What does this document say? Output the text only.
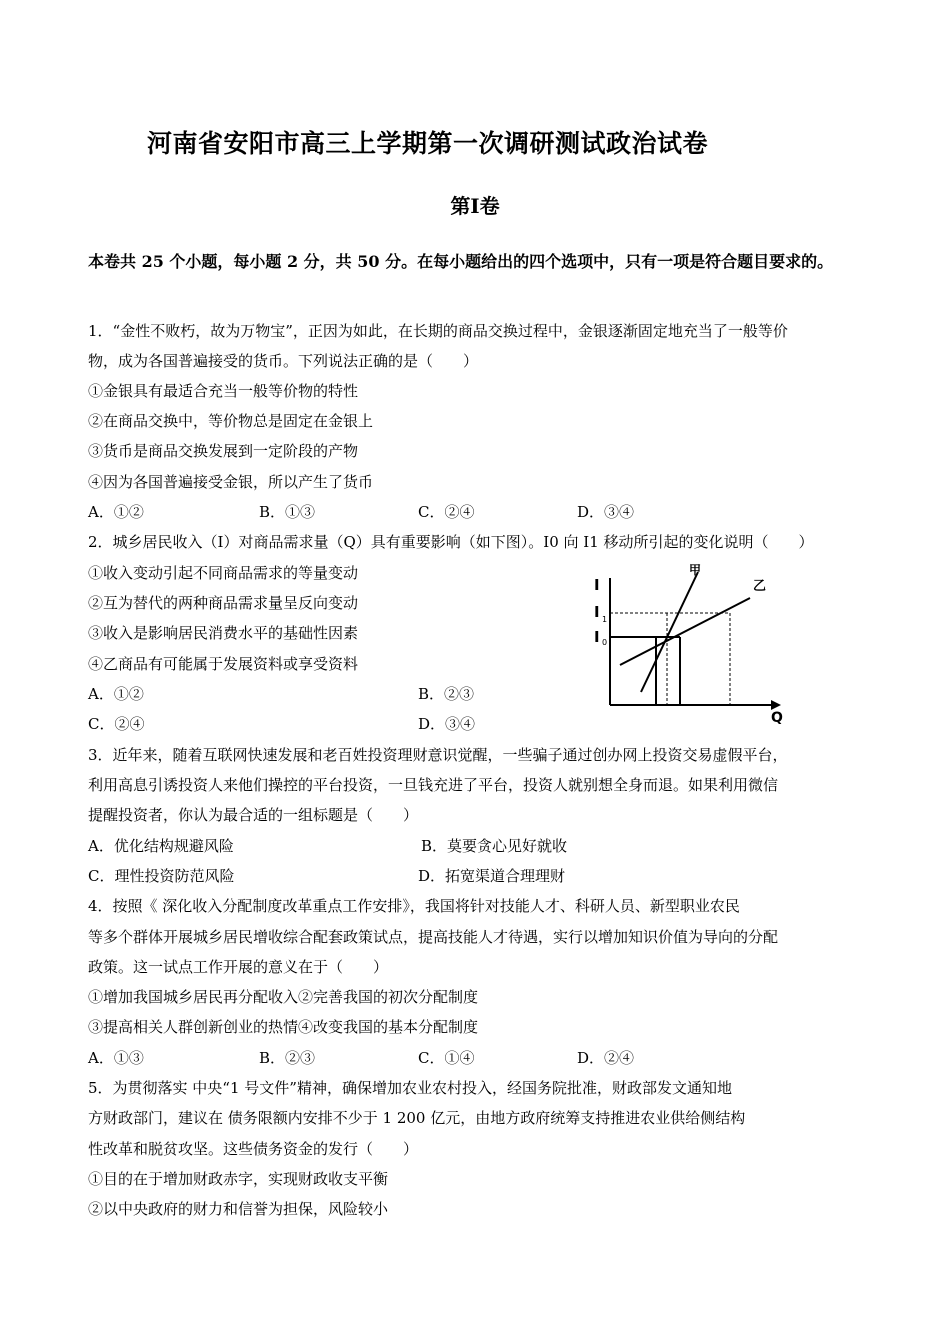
河南省安阳市高三上学期第一次调研测试政治试卷
第Ⅰ卷
本卷共 25 个小题，每小题 2 分，共 50 分。在每小题给出的四个选项中，只有一项是符合题目要求的。
1．“金性不败朽，故为万物宝”，正因为如此，在长期的商品交换过程中，金银逐渐固定地充当了一般等价
物，成为各国普遍接受的货币。下列说法正确的是（　　）
①金银具有最适合充当一般等价物的特性
②在商品交换中，等价物总是固定在金银上
③货币是商品交换发展到一定阶段的产物
④因为各国普遍接受金银，所以产生了货币
A．①②	B．①③	C．②④	D．③④
2．城乡居民收入（I）对商品需求量（Q）具有重要影响（如下图）。I0 向 I1 移动所引起的变化说明（　　）
①收入变动引起不同商品需求的等量变动
②互为替代的两种商品需求量呈反向变动
③收入是影响居民消费水平的基础性因素
④乙商品有可能属于发展资料或享受资料
A．①②	B．②③
C．②④	D．③④
I
I 1
I 0
Q
甲
乙
3．近年来，随着互联网快速发展和老百姓投资理财意识觉醒，一些骗子通过创办网上投资交易虚假平台，
利用高息引诱投资人来他们操控的平台投资，一旦钱充进了平台，投资人就别想全身而退。如果利用微信
提醒投资者，你认为最合适的一组标题是（　　）
A．优化结构规避风险	B．莫要贪心见好就收
C．理性投资防范风险	D．拓宽渠道合理理财
4．按照《 深化收入分配制度改革重点工作安排》，我国将针对技能人才、科研人员、新型职业农民
等多个群体开展城乡居民增收综合配套政策试点，提高技能人才待遇，实行以增加知识价值为导向的分配
政策。这一试点工作开展的意义在于（　　）
①增加我国城乡居民再分配收入②完善我国的初次分配制度
③提高相关人群创新创业的热情④改变我国的基本分配制度
A．①③	B．②③	C．①④	D．②④
5．为贯彻落实 中央“1 号文件”精神，确保增加农业农村投入，经国务院批准，财政部发文通知地
方财政部门，建议在 债务限额内安排不少于 1 200 亿元，由地方政府统筹支持推进农业供给侧结构
性改革和脱贫攻坚。这些债务资金的发行（　　）
①目的在于增加财政赤字，实现财政收支平衡
②以中央政府的财力和信誉为担保，风险较小
